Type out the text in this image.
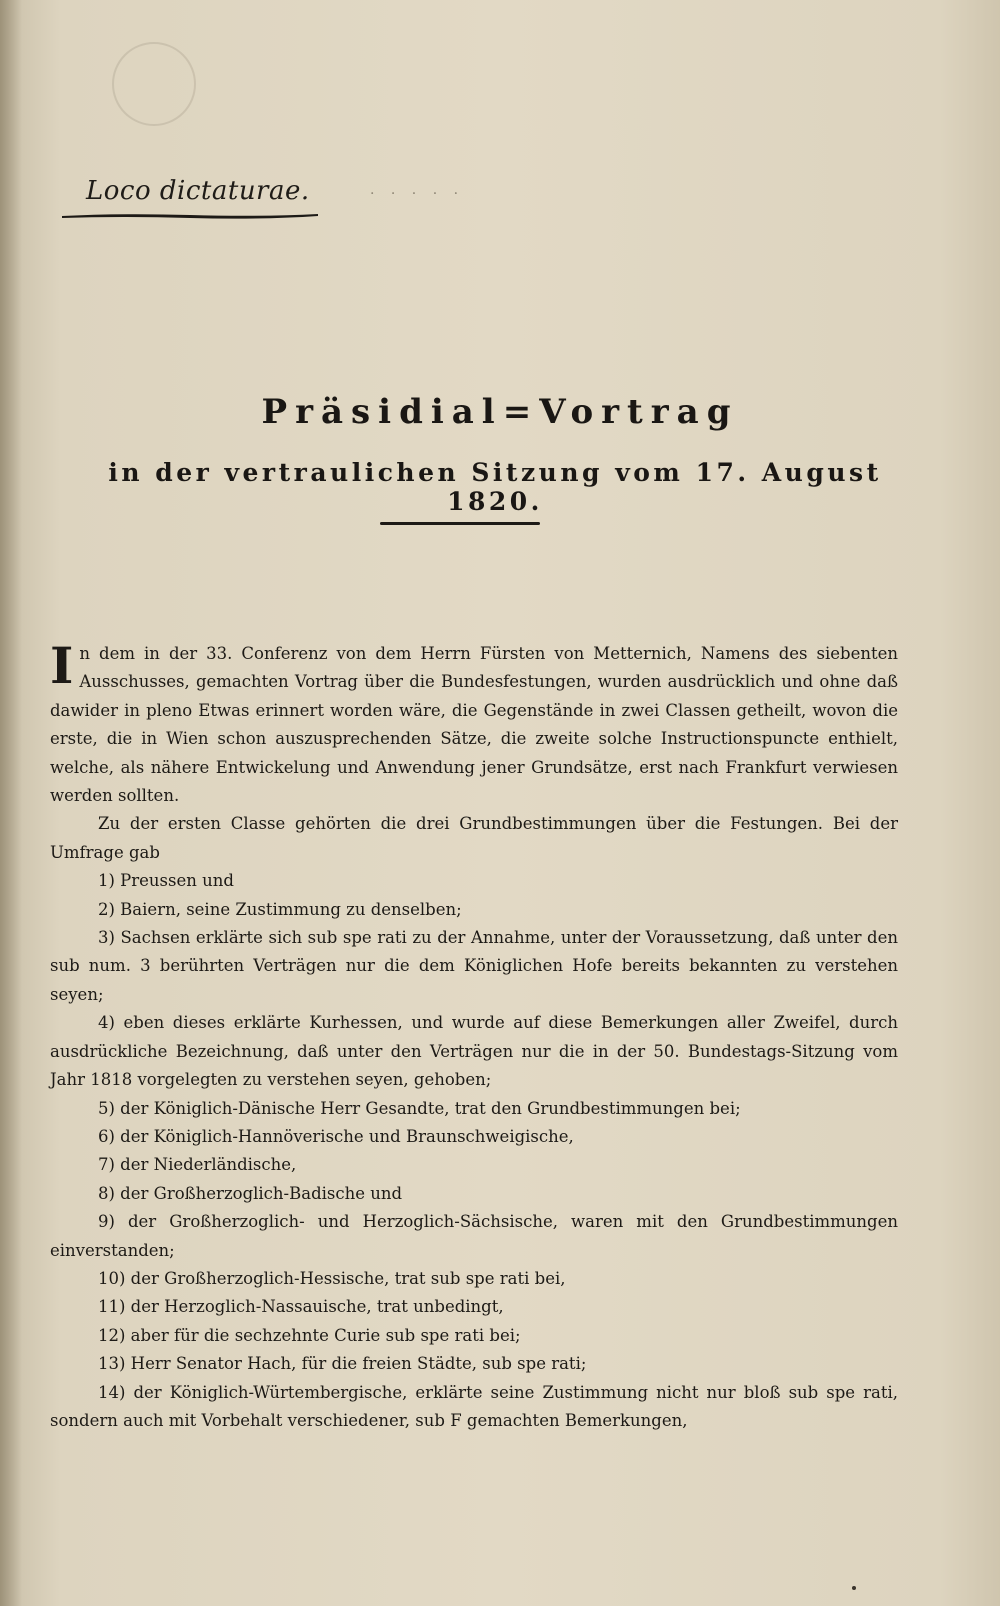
Loco dictaturae.	· · · · ·
Präsidial=Vortrag
in der vertraulichen Sitzung vom 17. August 1820.

In dem in der 33. Conferenz von dem Herrn Fürsten von Metternich, Namens des siebenten Ausschusses, gemachten Vortrag über die Bundesfestungen, wurden ausdrücklich und ohne daß dawider in pleno Etwas erinnert worden wäre, die Gegenstände in zwei Classen getheilt, wovon die erste, die in Wien schon auszusprechenden Sätze, die zweite solche Instructionspuncte enthielt, welche, als nähere Entwickelung und Anwendung jener Grundsätze, erst nach Frankfurt verwiesen werden sollten.

Zu der ersten Classe gehörten die drei Grundbestimmungen über die Festungen. Bei der Umfrage gab

1) Preussen und

2) Baiern, seine Zustimmung zu denselben;

3) Sachsen erklärte sich sub spe rati zu der Annahme, unter der Voraussetzung, daß unter den sub num. 3 berührten Verträgen nur die dem Königlichen Hofe bereits bekannten zu verstehen seyen;

4) eben dieses erklärte Kurhessen, und wurde auf diese Bemerkungen aller Zweifel, durch ausdrückliche Bezeichnung, daß unter den Verträgen nur die in der 50. Bundestags-Sitzung vom Jahr 1818 vorgelegten zu verstehen seyen, gehoben;

5) der Königlich-Dänische Herr Gesandte, trat den Grundbestimmungen bei;

6) der Königlich-Hannöverische und Braunschweigische,

7) der Niederländische,

8) der Großherzoglich-Badische und

9) der Großherzoglich- und Herzoglich-Sächsische, waren mit den Grundbestimmungen einverstanden;

10) der Großherzoglich-Hessische, trat sub spe rati bei,

11) der Herzoglich-Nassauische, trat unbedingt,

12) aber für die sechzehnte Curie sub spe rati bei;

13) Herr Senator Hach, für die freien Städte, sub spe rati;

14) der Königlich-Würtembergische, erklärte seine Zustimmung nicht nur bloß sub spe rati, sondern auch mit Vorbehalt verschiedener, sub F gemachten Bemerkungen,
